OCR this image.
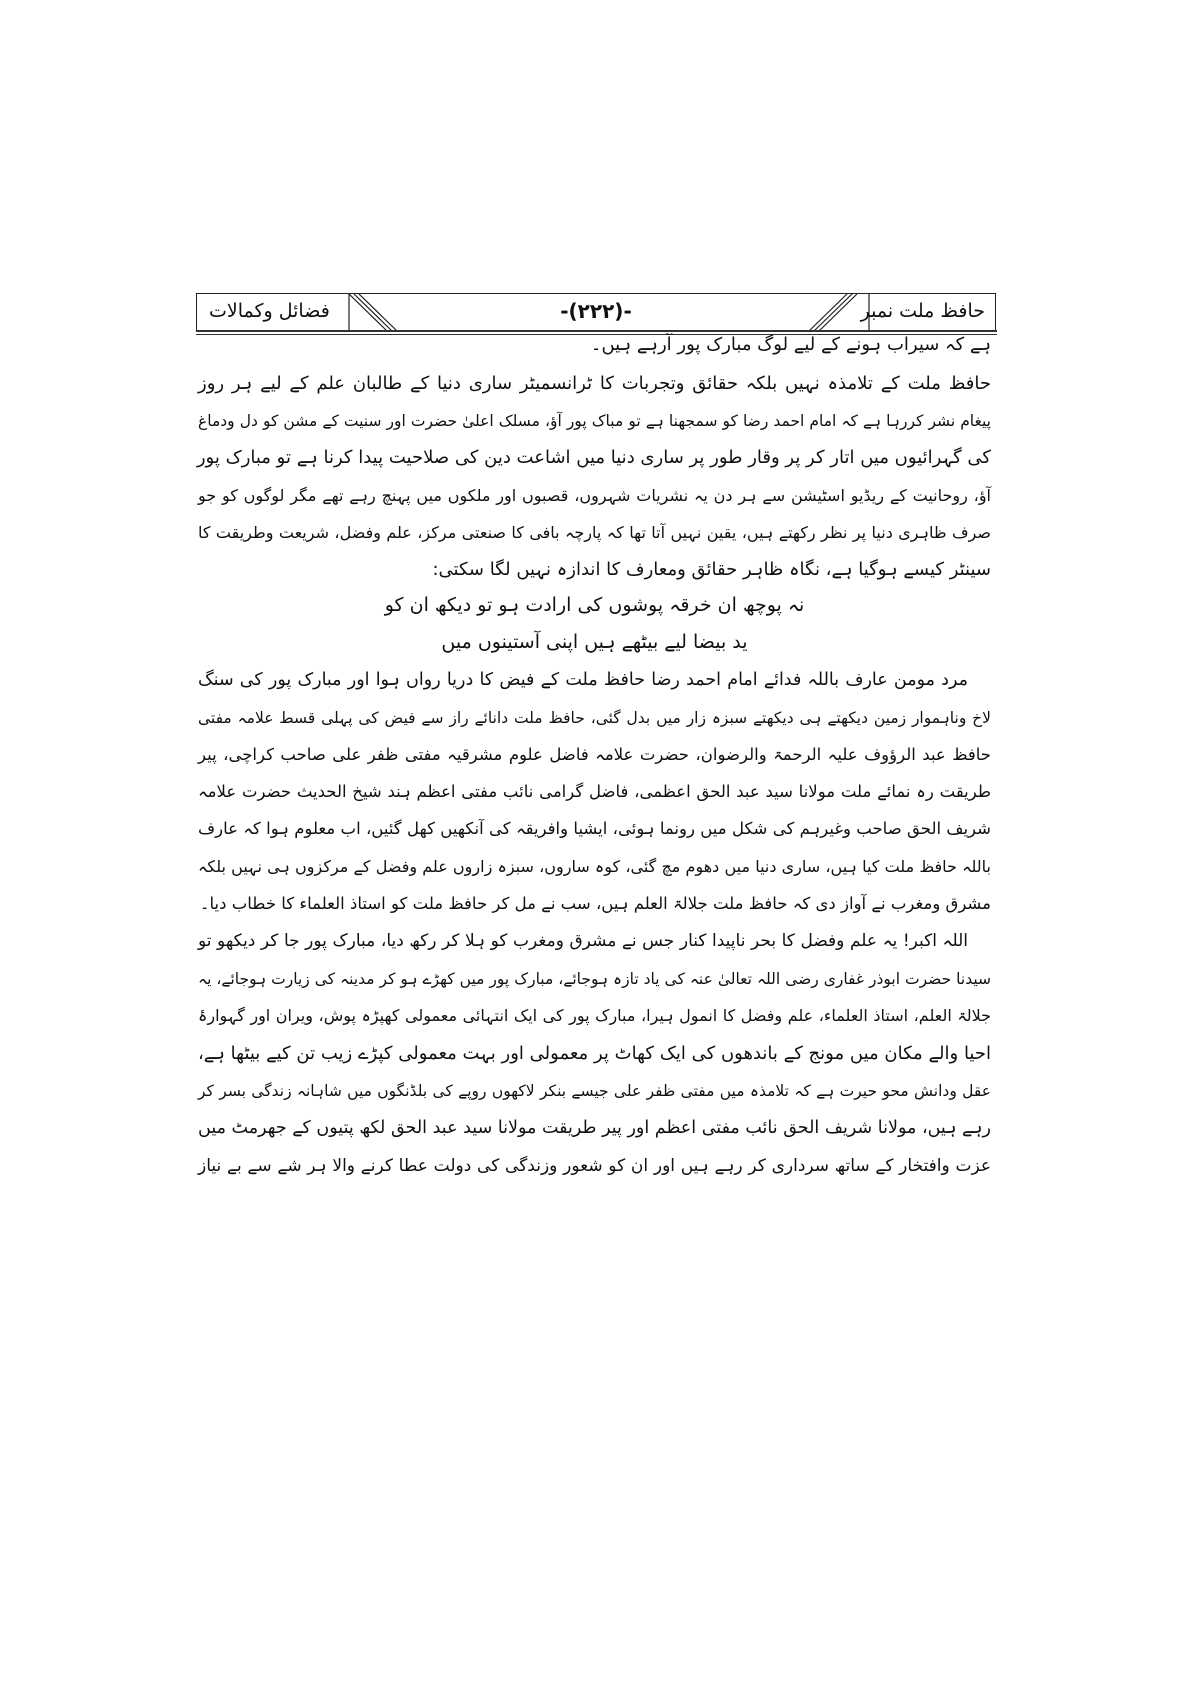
فضائل وکمالات	-(۲۲۲)-	حافظ ملت نمبر
ہے کہ سیراب ہونے کے لیے لوگ مبارک پور آرہے ہیں۔
حافظ ملت کے تلامذہ نہیں بلکہ حقائق وتجربات کا ٹرانسمیٹر ساری دنیا کے طالبان علم کے لیے ہر روز
پیغام نشر کررہا ہے کہ امام احمد رضا کو سمجھنا ہے تو مباک پور آؤ، مسلک اعلیٰ حضرت اور سنیت کے مشن کو دل ودماغ
کی گہرائیوں میں اتار کر پر وقار طور پر ساری دنیا میں اشاعت دین کی صلاحیت پیدا کرنا ہے تو مبارک پور
آؤ، روحانیت کے ریڈیو اسٹیشن سے ہر دن یہ نشریات شہروں، قصبوں اور ملکوں میں پہنچ رہے تھے مگر لوگوں کو جو
صرف ظاہری دنیا پر نظر رکھتے ہیں، یقین نہیں آتا تھا کہ پارچہ بافی کا صنعتی مرکز، علم وفضل، شریعت وطریقت کا
سینٹر کیسے ہوگیا ہے، نگاہ ظاہر حقائق ومعارف کا اندازہ نہیں لگا سکتی:
نہ پوچھ ان خرقہ پوشوں کی ارادت ہو تو دیکھ ان کو
ید بیضا لیے بیٹھے ہیں اپنی آستینوں میں
مرد مومن عارف باللہ فدائے امام احمد رضا حافظ ملت کے فیض کا دریا رواں ہوا اور مبارک پور کی سنگ
لاخ وناہموار زمین دیکھتے ہی دیکھتے سبزہ زار میں بدل گئی، حافظ ملت دانائے راز سے فیض کی پہلی قسط علامہ مفتی
حافظ عبد الرؤوف علیہ الرحمۃ والرضوان، حضرت علامہ فاضل علوم مشرقیہ مفتی ظفر علی صاحب کراچی، پیر
طریقت رہ نمائے ملت مولانا سید عبد الحق اعظمی، فاضل گرامی نائب مفتی اعظم ہند شیخ الحدیث حضرت علامہ
شریف الحق صاحب وغیرہم کی شکل میں رونما ہوئی، ایشیا وافریقہ کی آنکھیں کھل گئیں، اب معلوم ہوا کہ عارف
باللہ حافظ ملت کیا ہیں، ساری دنیا میں دھوم مچ گئی، کوہ ساروں، سبزہ زاروں علم وفضل کے مرکزوں ہی نہیں بلکہ
مشرق ومغرب نے آواز دی کہ حافظ ملت جلالۃ العلم ہیں، سب نے مل کر حافظ ملت کو استاذ العلماء کا خطاب دیا۔
اللہ اکبر! یہ علم وفضل کا بحر ناپیدا کنار جس نے مشرق ومغرب کو ہلا کر رکھ دیا، مبارک پور جا کر دیکھو تو
سیدنا حضرت ابوذر غفاری رضی اللہ تعالیٰ عنہ کی یاد تازہ ہوجائے، مبارک پور میں کھڑے ہو کر مدینہ کی زیارت ہوجائے، یہ
جلالۃ العلم، استاذ العلماء، علم وفضل کا انمول ہیرا، مبارک پور کی ایک انتہائی معمولی کھپڑہ پوش، ویران اور گہوارۂ
احیا والے مکان میں مونج کے باندھوں کی ایک کھاٹ پر معمولی اور بہت معمولی کپڑے زیب تن کیے بیٹھا ہے،
عقل ودانش محو حیرت ہے کہ تلامذہ میں مفتی ظفر علی جیسے بنکر لاکھوں روپے کی بلڈنگوں میں شاہانہ زندگی بسر کر
رہے ہیں، مولانا شریف الحق نائب مفتی اعظم اور پیر طریقت مولانا سید عبد الحق لکھ پتیوں کے جھرمٹ میں
عزت وافتخار کے ساتھ سرداری کر رہے ہیں اور ان کو شعور وزندگی کی دولت عطا کرنے والا ہر شے سے بے نیاز
